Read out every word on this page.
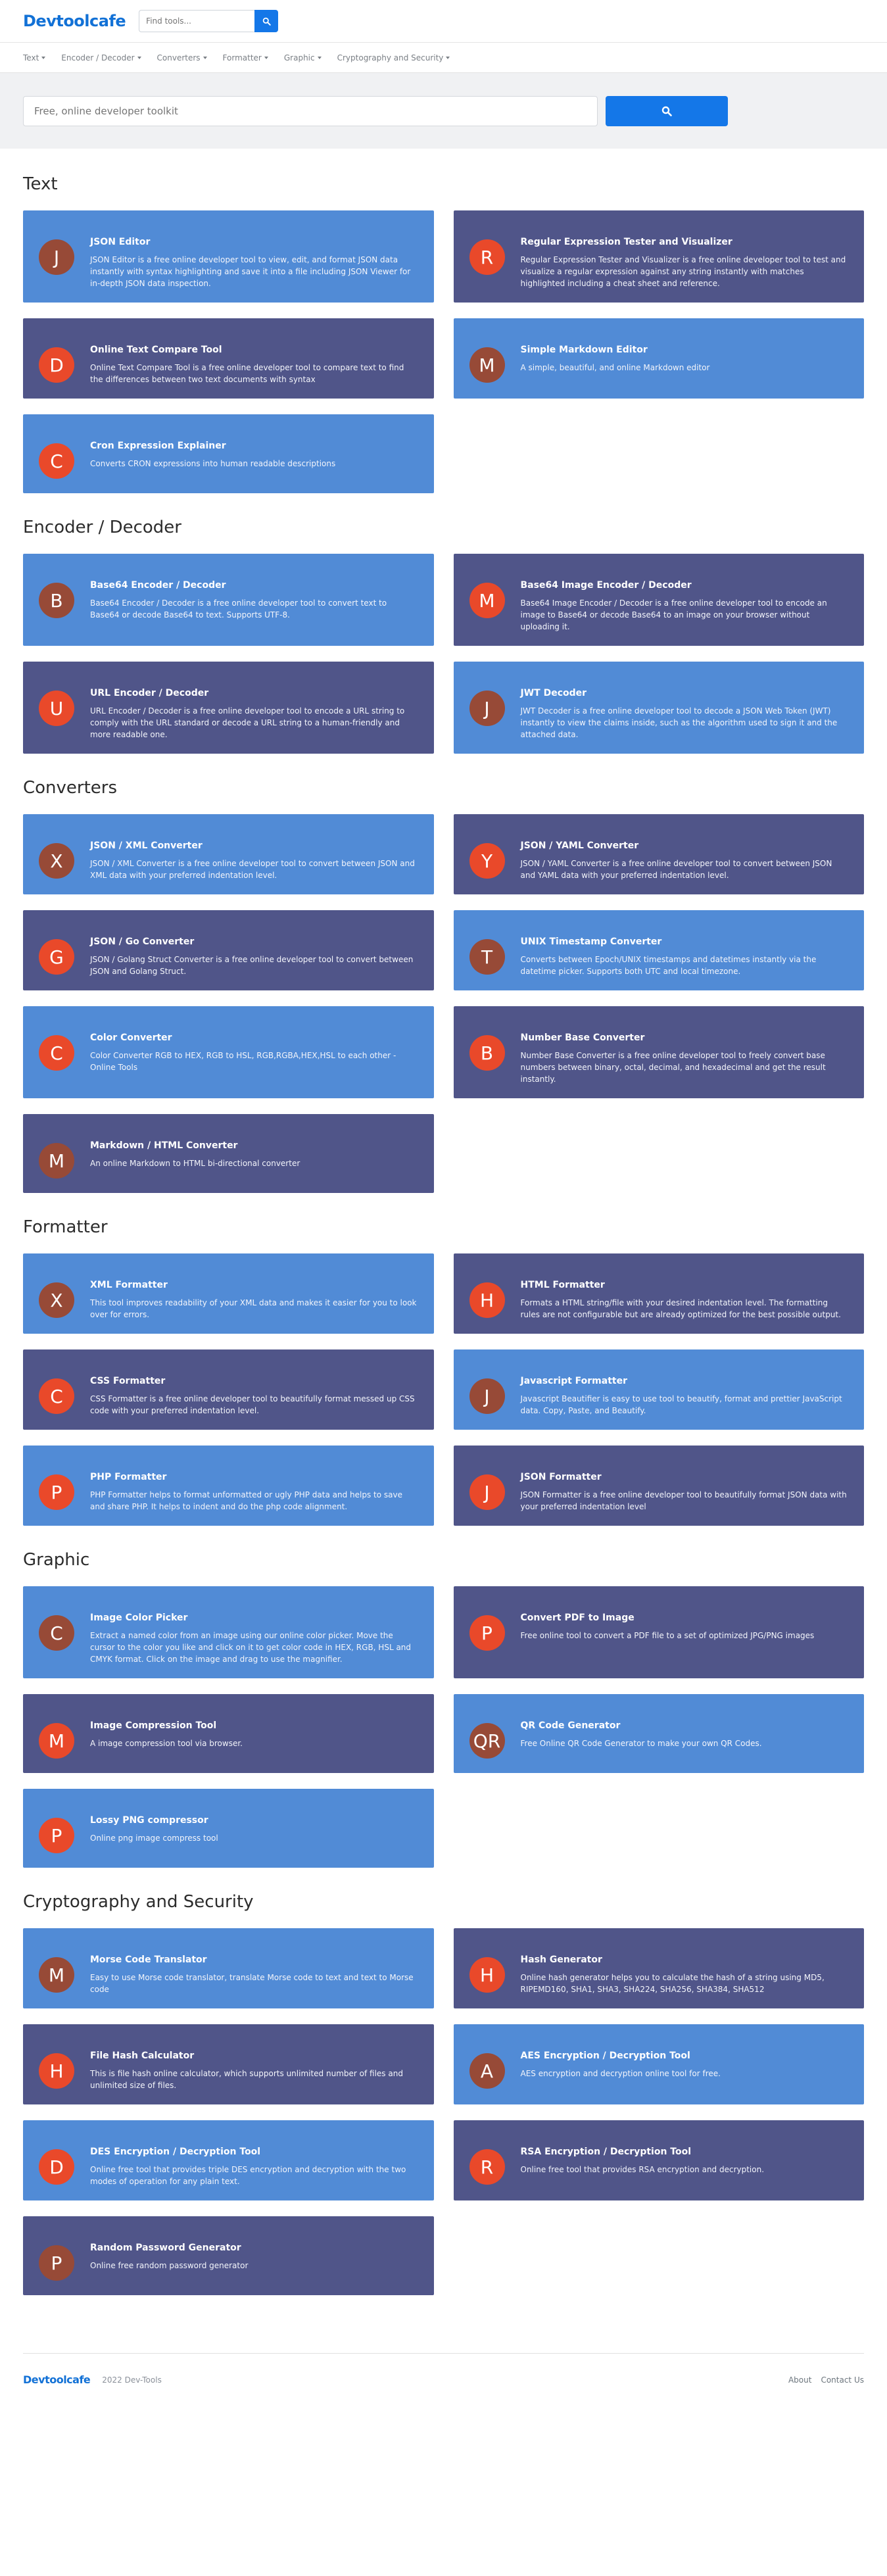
Devtoolcafe
Find tools...
Text	Encoder / Decoder	Converters	Formatter	Graphic	Cryptography and Security
Free, online developer toolkit
Text
J
JSON Editor
JSON Editor is a free online developer tool to view, edit, and format JSON data instantly with syntax highlighting and save it into a file including JSON Viewer for in-depth JSON data inspection.
R
Regular Expression Tester and Visualizer
Regular Expression Tester and Visualizer is a free online developer tool to test and visualize a regular expression against any string instantly with matches highlighted including a cheat sheet and reference.
D
Online Text Compare Tool
Online Text Compare Tool is a free online developer tool to compare text to find the differences between two text documents with syntax
M
Simple Markdown Editor
A simple, beautiful, and online Markdown editor
C
Cron Expression Explainer
Converts CRON expressions into human readable descriptions
Encoder / Decoder
B
Base64 Encoder / Decoder
Base64 Encoder / Decoder is a free online developer tool to convert text to Base64 or decode Base64 to text. Supports UTF-8.
M
Base64 Image Encoder / Decoder
Base64 Image Encoder / Decoder is a free online developer tool to encode an image to Base64 or decode Base64 to an image on your browser without uploading it.
U
URL Encoder / Decoder
URL Encoder / Decoder is a free online developer tool to encode a URL string to comply with the URL standard or decode a URL string to a human-friendly and more readable one.
J
JWT Decoder
JWT Decoder is a free online developer tool to decode a JSON Web Token (JWT) instantly to view the claims inside, such as the algorithm used to sign it and the attached data.
Converters
X
JSON / XML Converter
JSON / XML Converter is a free online developer tool to convert between JSON and XML data with your preferred indentation level.
Y
JSON / YAML Converter
JSON / YAML Converter is a free online developer tool to convert between JSON and YAML data with your preferred indentation level.
G
JSON / Go Converter
JSON / Golang Struct Converter is a free online developer tool to convert between JSON and Golang Struct.
T
UNIX Timestamp Converter
Converts between Epoch/UNIX timestamps and datetimes instantly via the datetime picker. Supports both UTC and local timezone.
C
Color Converter
Color Converter RGB to HEX, RGB to HSL, RGB,RGBA,HEX,HSL to each other - Online Tools
B
Number Base Converter
Number Base Converter is a free online developer tool to freely convert base numbers between binary, octal, decimal, and hexadecimal and get the result instantly.
M
Markdown / HTML Converter
An online Markdown to HTML bi-directional converter
Formatter
X
XML Formatter
This tool improves readability of your XML data and makes it easier for you to look over for errors.
H
HTML Formatter
Formats a HTML string/file with your desired indentation level. The formatting rules are not configurable but are already optimized for the best possible output.
C
CSS Formatter
CSS Formatter is a free online developer tool to beautifully format messed up CSS code with your preferred indentation level.
J
Javascript Formatter
Javascript Beautifier is easy to use tool to beautify, format and prettier JavaScript data. Copy, Paste, and Beautify.
P
PHP Formatter
PHP Formatter helps to format unformatted or ugly PHP data and helps to save and share PHP. It helps to indent and do the php code alignment.
J
JSON Formatter
JSON Formatter is a free online developer tool to beautifully format JSON data with your preferred indentation level
Graphic
C
Image Color Picker
Extract a named color from an image using our online color picker. Move the cursor to the color you like and click on it to get color code in HEX, RGB, HSL and CMYK format. Click on the image and drag to use the magnifier.
P
Convert PDF to Image
Free online tool to convert a PDF file to a set of optimized JPG/PNG images
M
Image Compression Tool
A image compression tool via browser.	QR
QR Code Generator
Free Online QR Code Generator to make your own QR Codes.
P
Lossy PNG compressor
Online png image compress tool
Cryptography and Security
M
Morse Code Translator
Easy to use Morse code translator, translate Morse code to text and text to Morse code
H
Hash Generator
Online hash generator helps you to calculate the hash of a string using MD5, RIPEMD160, SHA1, SHA3, SHA224, SHA256, SHA384, SHA512
H
File Hash Calculator
This is file hash online calculator, which supports unlimited number of files and unlimited size of files.
A
AES Encryption / Decryption Tool
AES encryption and decryption online tool for free.
D
DES Encryption / Decryption Tool
Online free tool that provides triple DES encryption and decryption with the two modes of operation for any plain text.
R
RSA Encryption / Decryption Tool
Online free tool that provides RSA encryption and decryption.
P
Random Password Generator
Online free random password generator
Devtoolcafe 2022 Dev-Tools	About Contact Us
